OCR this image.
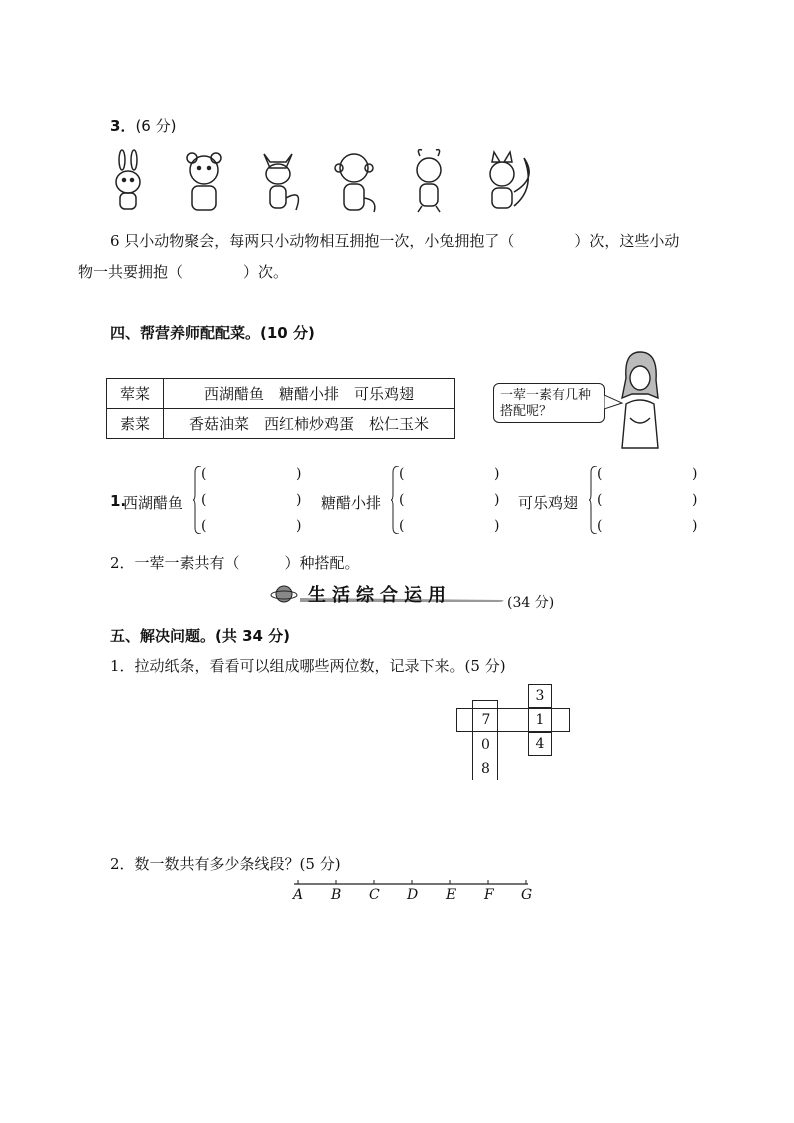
3．(6 分)
6 只小动物聚会，每两只小动物相互拥抱一次，小兔拥抱了（　　　　）次，这些小动
物一共要拥抱（　　　　）次。
四、帮营养师配配菜。(10 分)
荤菜	西湖醋鱼　糖醋小排　可乐鸡翅
素菜	香菇油菜　西红柿炒鸡蛋　松仁玉米
一荤一素有几种搭配呢？
1.
西湖醋鱼	糖醋小排	可乐鸡翅
(	)
(	)
(	)
(	)
(	)
(	)
(	)
(	)
(	)
2．一荤一素共有（　　　）种搭配。
生活综合运用	(34 分)
五、解决问题。(共 34 分)
1．拉动纸条，看看可以组成哪些两位数，记录下来。(5 分)
7
0
8
3
1
4
2．数一数共有多少条线段？(5 分)
A B C D E F G
